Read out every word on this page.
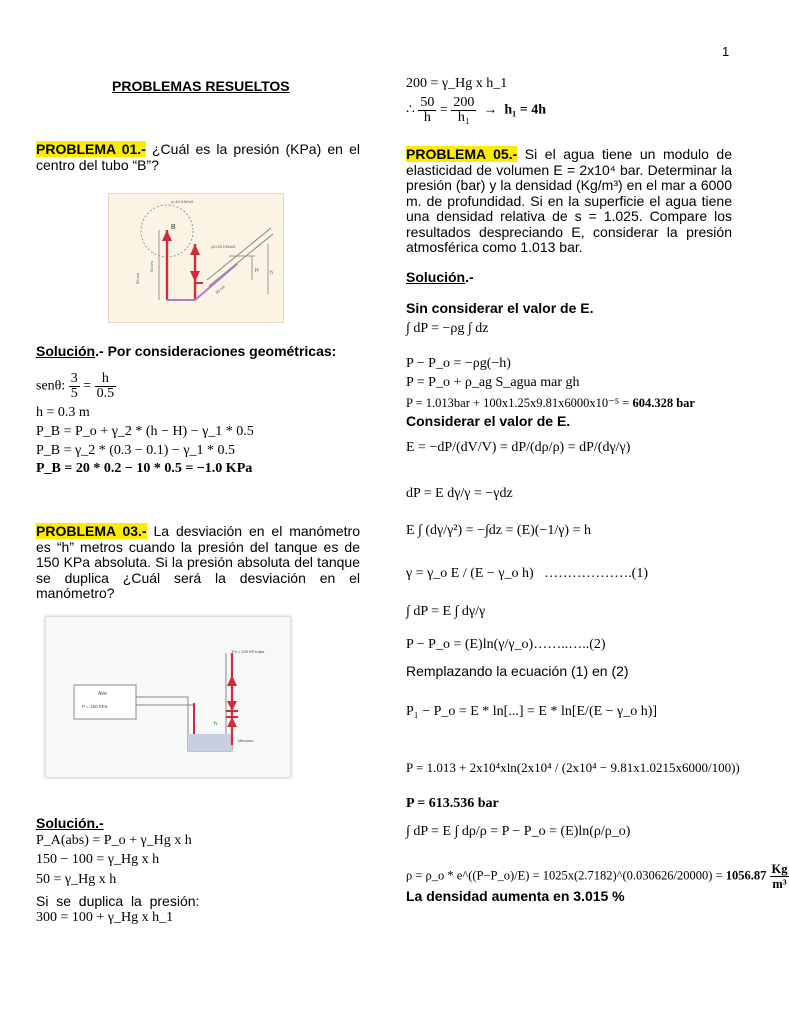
1
PROBLEMAS RESUELTOS
PROBLEMA 01.- ¿Cuál es la presión (KPa) en el centro del tubo “B”?
γ=10 KN/m3
γ2=20 KN/m3
B
H h
50 cm
60 cm
50 cm
Solución.- Por consideraciones geométricas:
senθ: $\frac{3}{5} = \frac{h}{0.5}$
h = 0.3 m
P_B = P_o + γ_2 * (h − H) − γ_1 * 0.5
P_B = γ_2 * (0.3 − 0.1) − γ_1 * 0.5
P_B = 20 * 0.2 − 10 * 0.5 = −1.0 KPa
PROBLEMA 03.- La desviación en el manómetro es “h” metros cuando la presión del tanque es de 150 KPa absoluta. Si la presión absoluta del tanque se duplica ¿Cuál será la desviación en el manómetro?
Aire
P = 150 KPa
Po = 100 KPa abs
h
Mercurio
Solución.-
P_A(abs) = P_o + γ_Hg x h
150 − 100 = γ_Hg x h
50 = γ_Hg x h
Si  se  duplica  la  presión:
300 = 100 + γ_Hg x h_1
200 = γ_Hg x h_1
∴ $\frac{50}{h} = \frac{200}{\text{h₁}} \to h_1 = 4h$
PROBLEMA 05.- Si el agua tiene un modulo de elasticidad de volumen E = 2x10⁴ bar. Determinar la presión (bar) y la densidad (Kg/m³) en el mar a 6000 m. de profundidad. Si en la superficie el agua tiene una densidad relativa de s = 1.025. Compare los resultados despreciando E, considerar la presión atmosférica como 1.013 bar.
Solución.-
Sin considerar el valor de E.
∫ dP = −ρg ∫ dz
P − P_o = −ρg(−h)
P = P_o + ρ_ag S_agua mar gh
P = 1.013bar + 100x1.25x9.81x6000x10⁻⁵ = 604.328 bar
Considerar el valor de E.
E = −dP/(dV/V) = dP/(dρ/ρ) = dP/(dγ/γ)
dP = E dγ/γ = −γdz
E ∫ (dγ/γ²) = −∫dz = (E)(−1/γ) = h
γ = γ_o E / (E − γ_o h) ……………….(1)
∫ dP = E ∫ dγ/γ
P − P_o = (E)ln(γ/γ_o)……..…..(2)
Remplazando la ecuación (1) en (2)
P₁ − P_o = E * ln[...] = E * ln[E/(E − γ_o h)]
P = 1.013 + 2x10⁴xln(2x10⁴ / (2x10⁴ − 9.81x1.0215x6000/100))
P = 613.536 bar
∫ dP = E ∫ dρ/ρ = P − P_o = (E)ln(ρ/ρ_o)
ρ = ρ_o * e^((P−P_o)/E) = 1025x(2.7182)^(0.030626/20000) = $1056.87 \frac{Kg}{\text{m³}}$
La densidad aumenta en 3.015 %
